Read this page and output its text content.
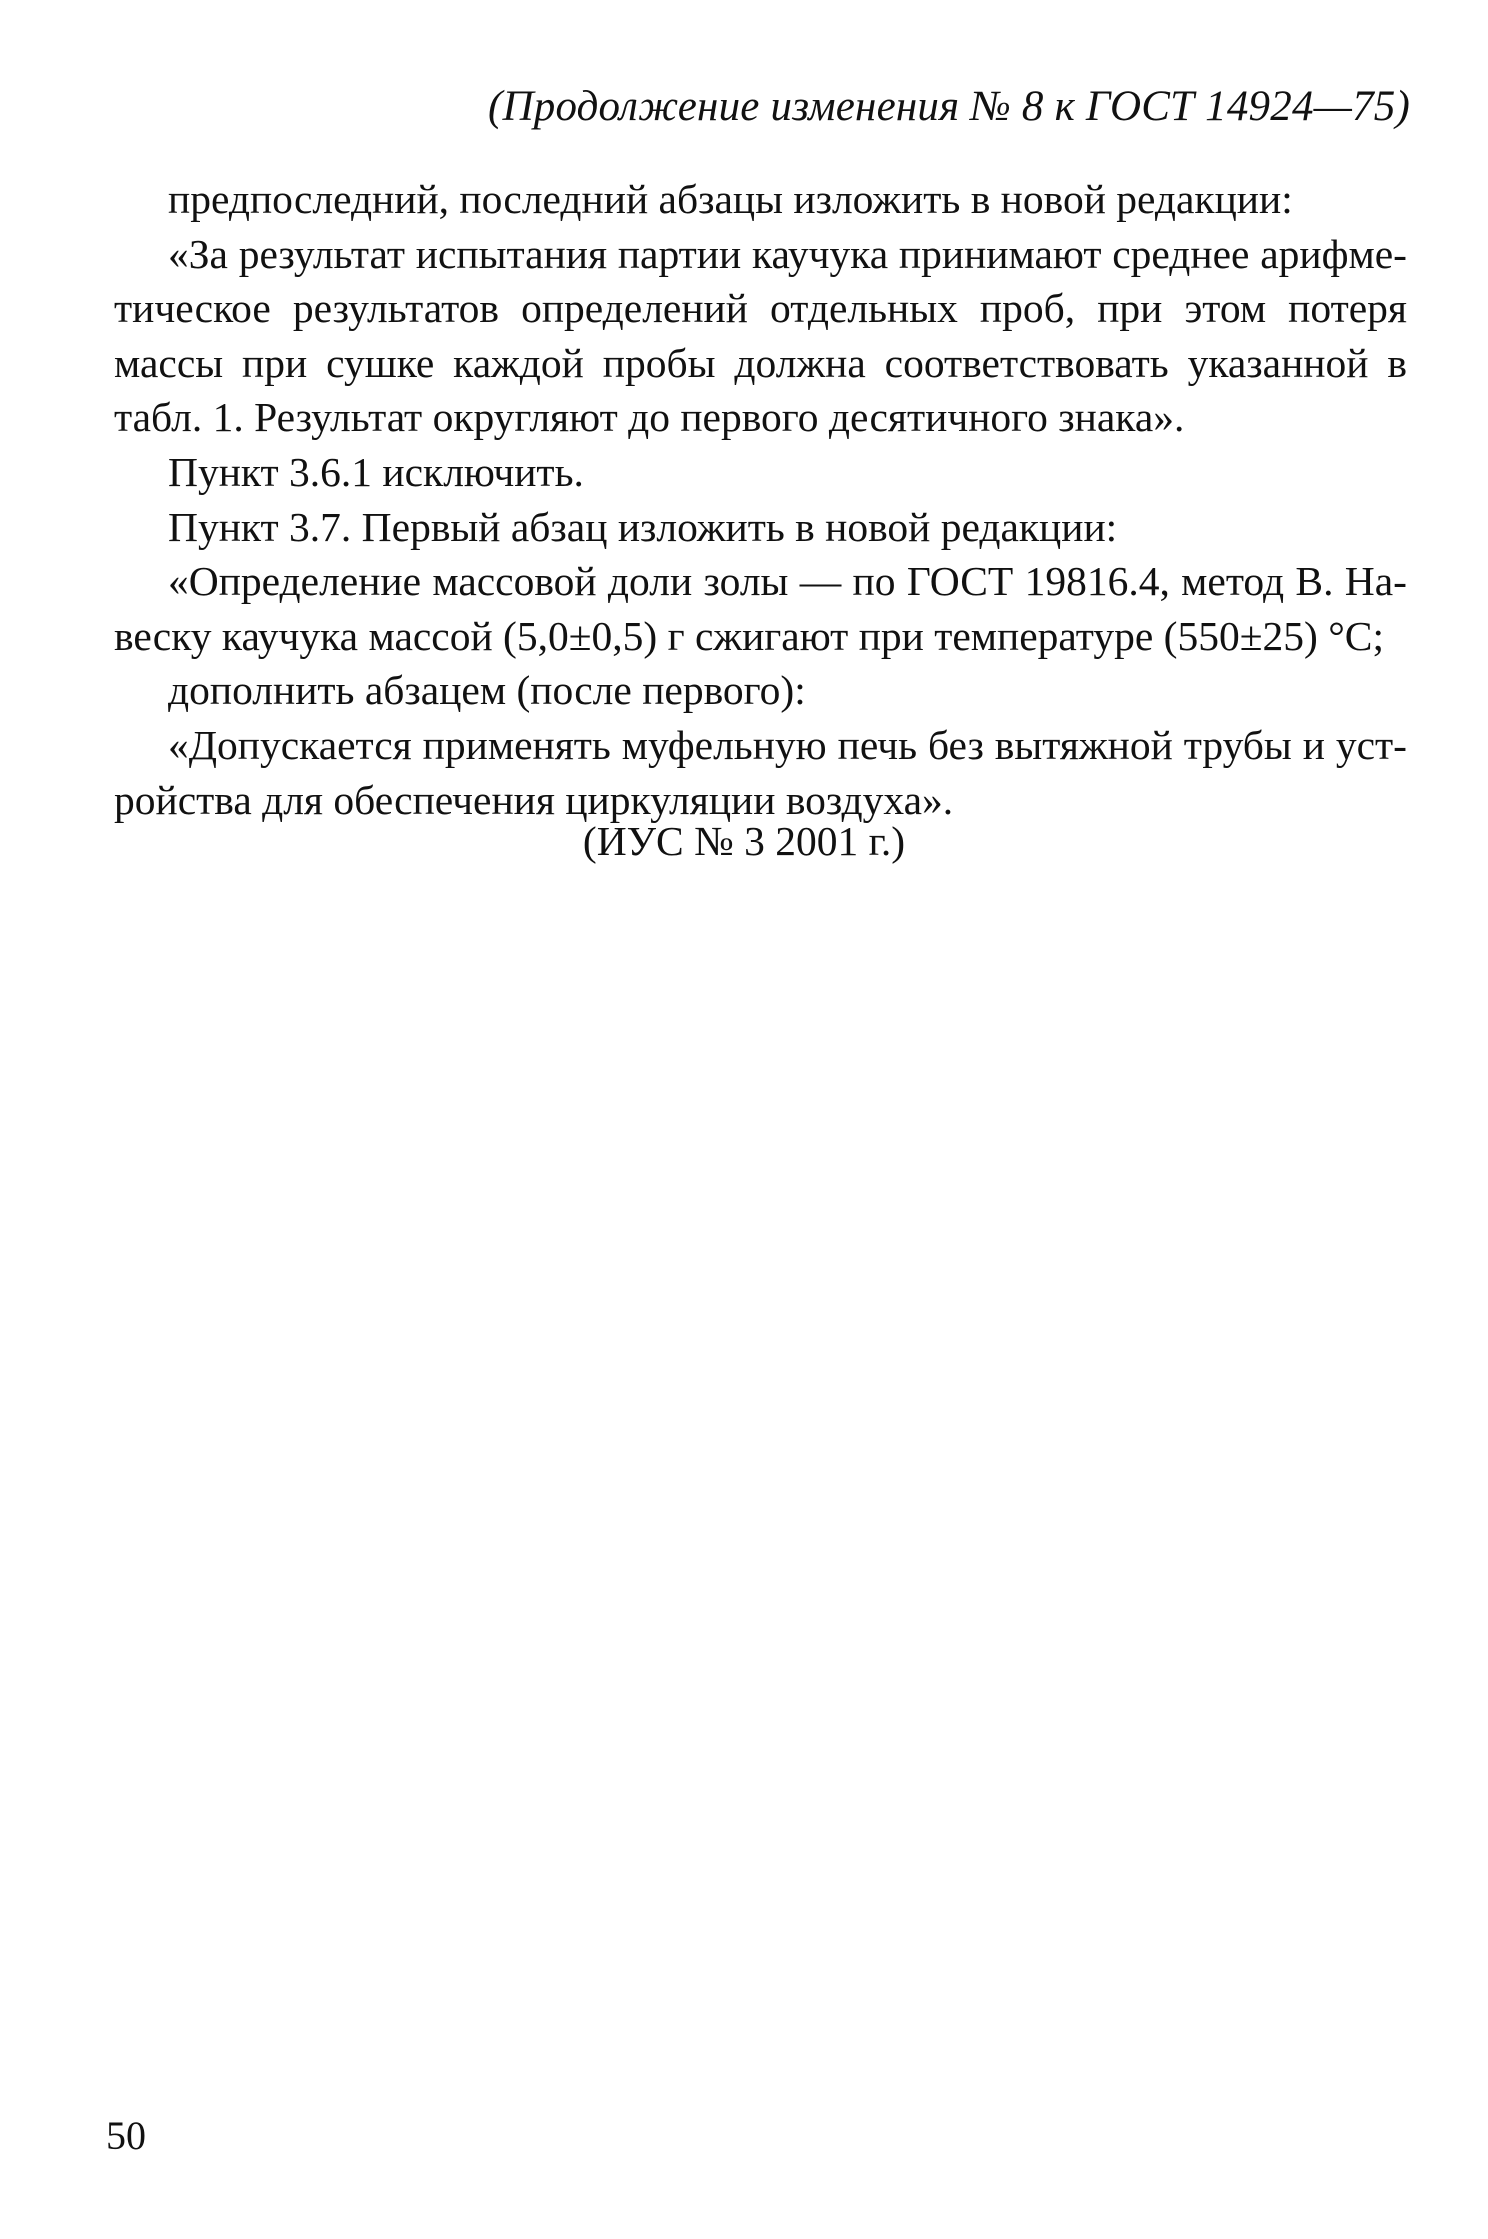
(Продолжение изменения № 8 к ГОСТ 14924—75)

предпоследний, последний абзацы изложить в новой редакции:

«За результат испытания партии каучука принимают среднее арифметическое результатов определений отдельных проб, при этом потеря массы при сушке каждой пробы должна соответствовать указанной в табл. 1. Результат округляют до первого десятичного знака».

Пункт 3.6.1 исключить.

Пункт 3.7. Первый абзац изложить в новой редакции:

«Определение массовой доли золы — по ГОСТ 19816.4, метод В. Навеску каучука массой (5,0±0,5) г сжигают при температуре (550±25) °С;

дополнить абзацем (после первого):

«Допускается применять муфельную печь без вытяжной трубы и устройства для обеспечения циркуляции воздуха».

(ИУС № 3 2001 г.)
50
